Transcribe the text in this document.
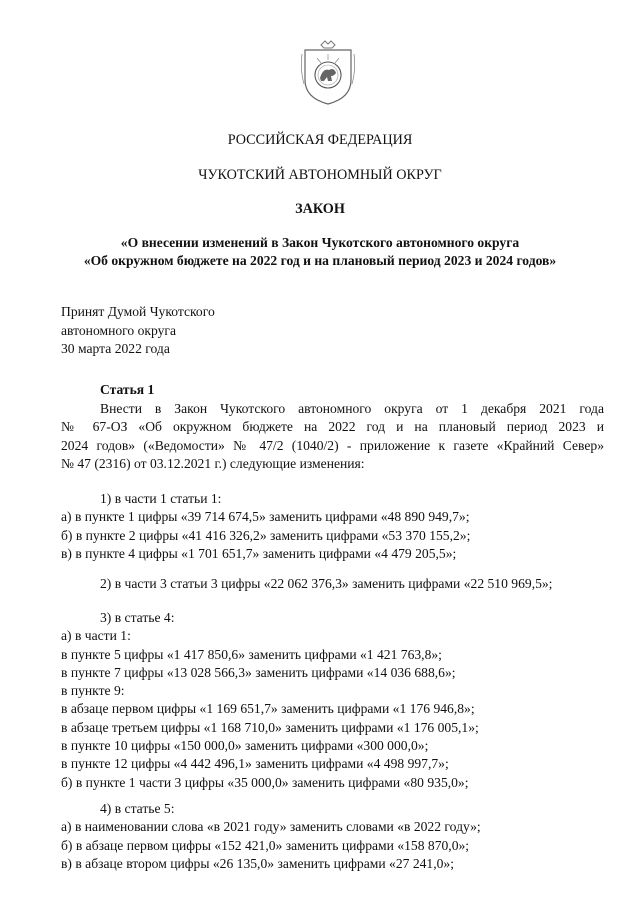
РОССИЙСКАЯ ФЕДЕРАЦИЯ
ЧУКОТСКИЙ АВТОНОМНЫЙ ОКРУГ
ЗАКОН
«О внесении изменений в Закон Чукотского автономного округа
«Об окружном бюджете на 2022 год и на плановый период 2023 и 2024 годов»
Принят Думой Чукотского
автономного округа
30 марта 2022 года
Статья 1
Внести в Закон Чукотского автономного округа от 1 декабря 2021 года
№ 67-ОЗ «Об окружном бюджете на 2022 год и на плановый период 2023 и
2024 годов» («Ведомости» № 47/2 (1040/2) - приложение к газете «Крайний Север»
№ 47 (2316) от 03.12.2021 г.) следующие изменения:
1) в части 1 статьи 1:
а) в пункте 1 цифры «39 714 674,5» заменить цифрами «48 890 949,7»;
б) в пункте 2 цифры «41 416 326,2» заменить цифрами «53 370 155,2»;
в) в пункте 4 цифры «1 701 651,7» заменить цифрами «4 479 205,5»;
2) в части 3 статьи 3 цифры «22 062 376,3» заменить цифрами «22 510 969,5»;
3) в статье 4:
а) в части 1:
в пункте 5 цифры «1 417 850,6» заменить цифрами «1 421 763,8»;
в пункте 7 цифры «13 028 566,3» заменить цифрами «14 036 688,6»;
в пункте 9:
в абзаце первом цифры «1 169 651,7» заменить цифрами «1 176 946,8»;
в абзаце третьем цифры «1 168 710,0» заменить цифрами «1 176 005,1»;
в пункте 10 цифры «150 000,0» заменить цифрами «300 000,0»;
в пункте 12 цифры «4 442 496,1» заменить цифрами «4 498 997,7»;
б) в пункте 1 части 3 цифры «35 000,0» заменить цифрами «80 935,0»;
4) в статье 5:
а) в наименовании слова «в 2021 году» заменить словами «в 2022 году»;
б) в абзаце первом цифры «152 421,0» заменить цифрами «158 870,0»;
в) в абзаце втором цифры «26 135,0» заменить цифрами «27 241,0»;
